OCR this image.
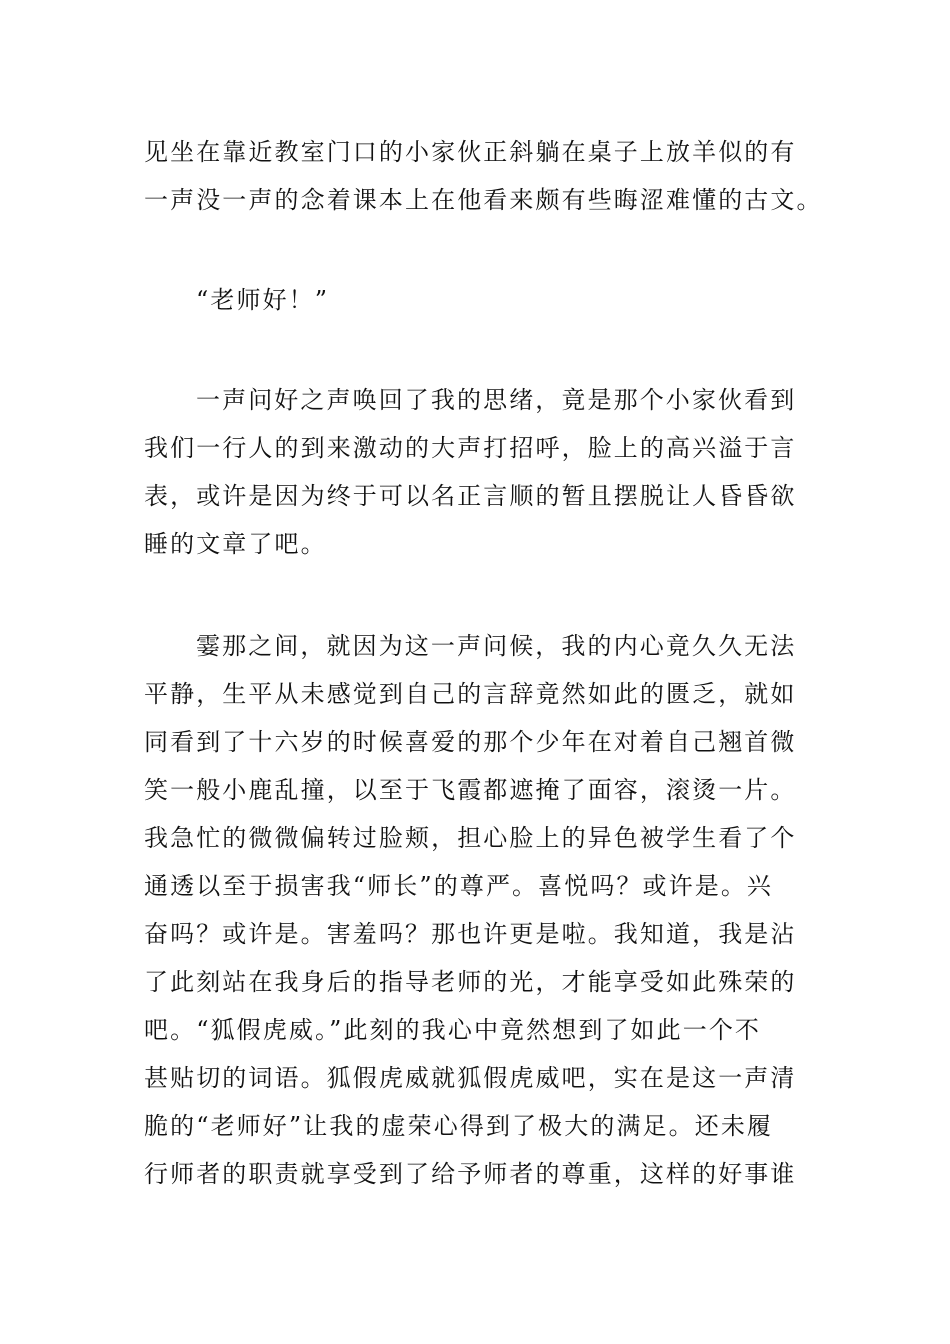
见坐在靠近教室门口的小家伙正斜躺在桌子上放羊似的有
一声没一声的念着课本上在他看来颇有些晦涩难懂的古文。

“老师好！”

一声问好之声唤回了我的思绪，竟是那个小家伙看到
我们一行人的到来激动的大声打招呼，脸上的高兴溢于言
表，或许是因为终于可以名正言顺的暂且摆脱让人昏昏欲
睡的文章了吧。

霎那之间，就因为这一声问候，我的内心竟久久无法
平静，生平从未感觉到自己的言辞竟然如此的匮乏，就如
同看到了十六岁的时候喜爱的那个少年在对着自己翘首微
笑一般小鹿乱撞，以至于飞霞都遮掩了面容，滚烫一片。
我急忙的微微偏转过脸颊，担心脸上的异色被学生看了个
通透以至于损害我“师长”的尊严。喜悦吗？或许是。兴
奋吗？或许是。害羞吗？那也许更是啦。我知道，我是沾
了此刻站在我身后的指导老师的光，才能享受如此殊荣的
吧。“狐假虎威。”此刻的我心中竟然想到了如此一个不
甚贴切的词语。狐假虎威就狐假虎威吧，实在是这一声清
脆的“老师好”让我的虚荣心得到了极大的满足。还未履
行师者的职责就享受到了给予师者的尊重，这样的好事谁
